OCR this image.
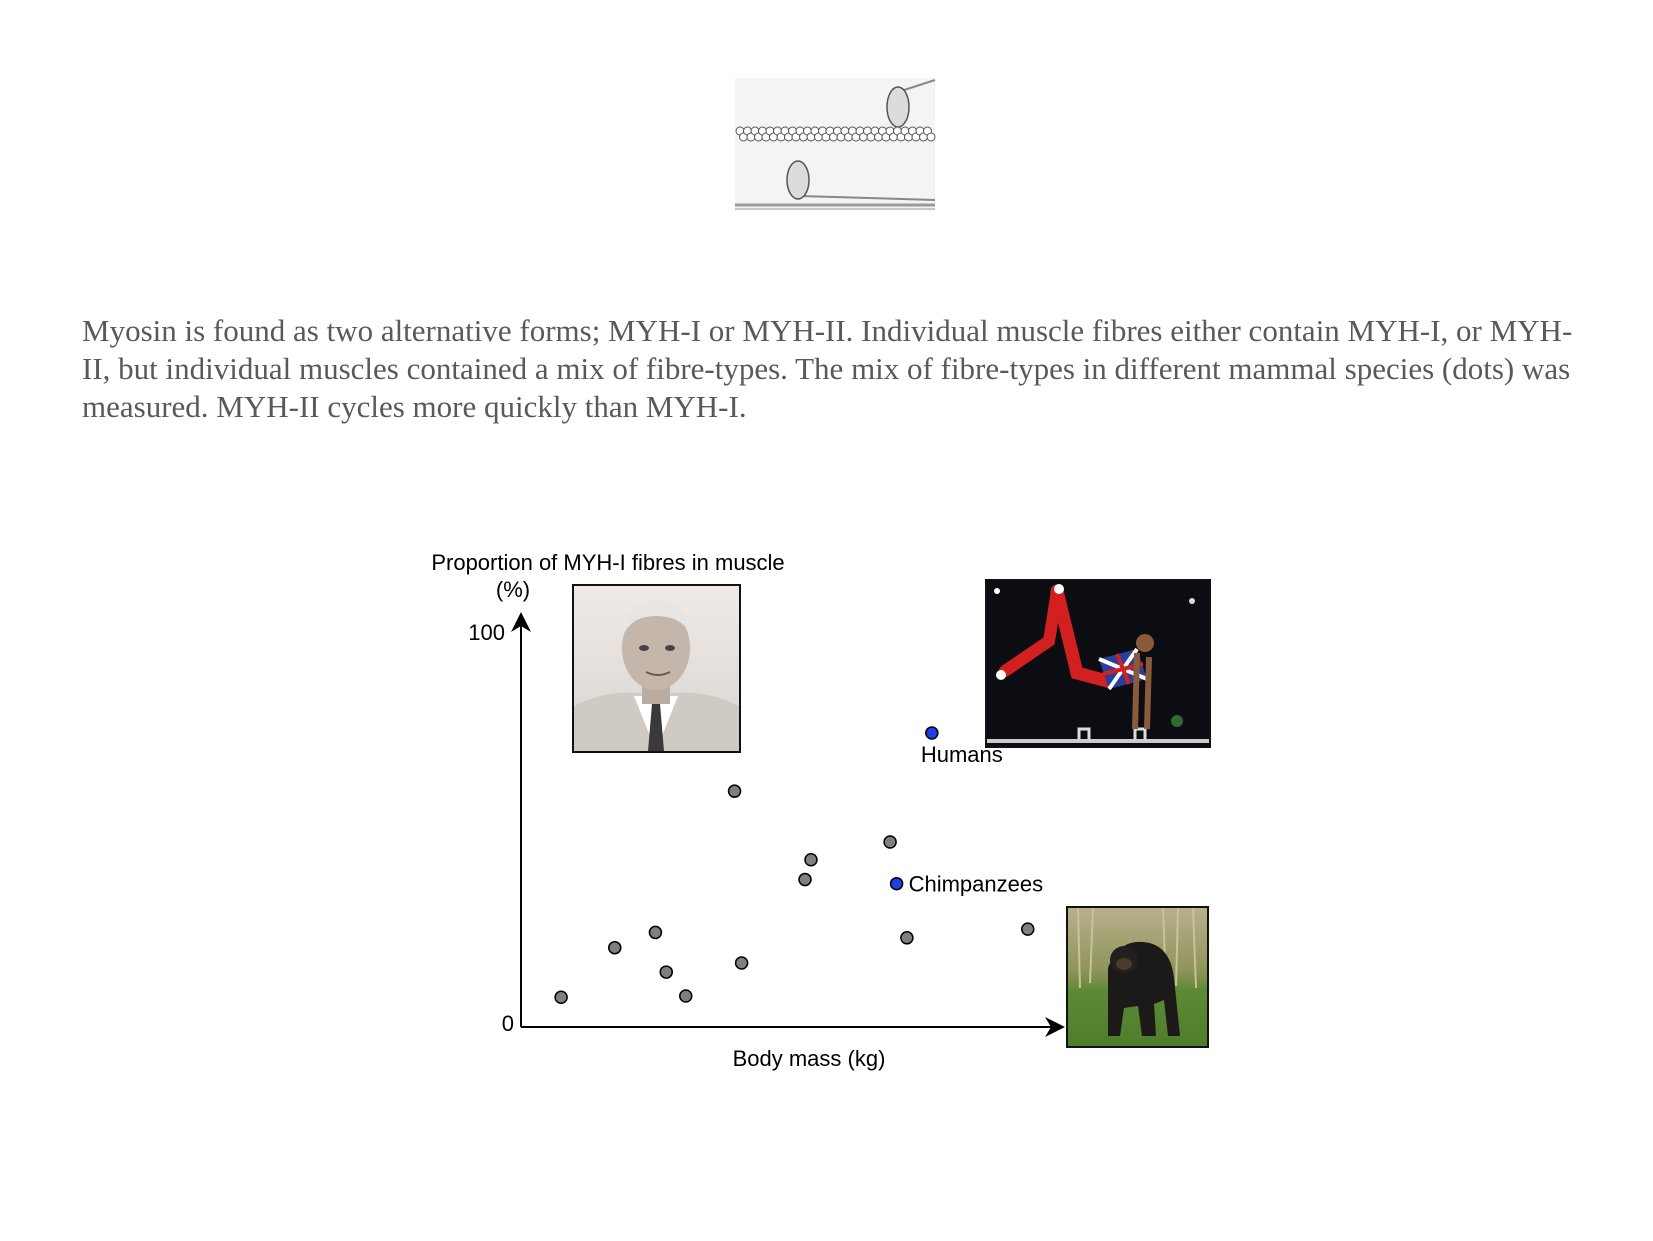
Myosin is found as two alternative forms; MYH-I or MYH-II. Individual muscle fibres either contain MYH-I, or MYH-II, but individual muscles contained a mix of fibre-types. The mix of fibre-types in different mammal species (dots) was measured. MYH-II cycles more quickly than MYH-I.
Proportion of MYH-I fibres in muscle
(%)
100
0
Body mass (kg)
Humans
Chimpanzees
